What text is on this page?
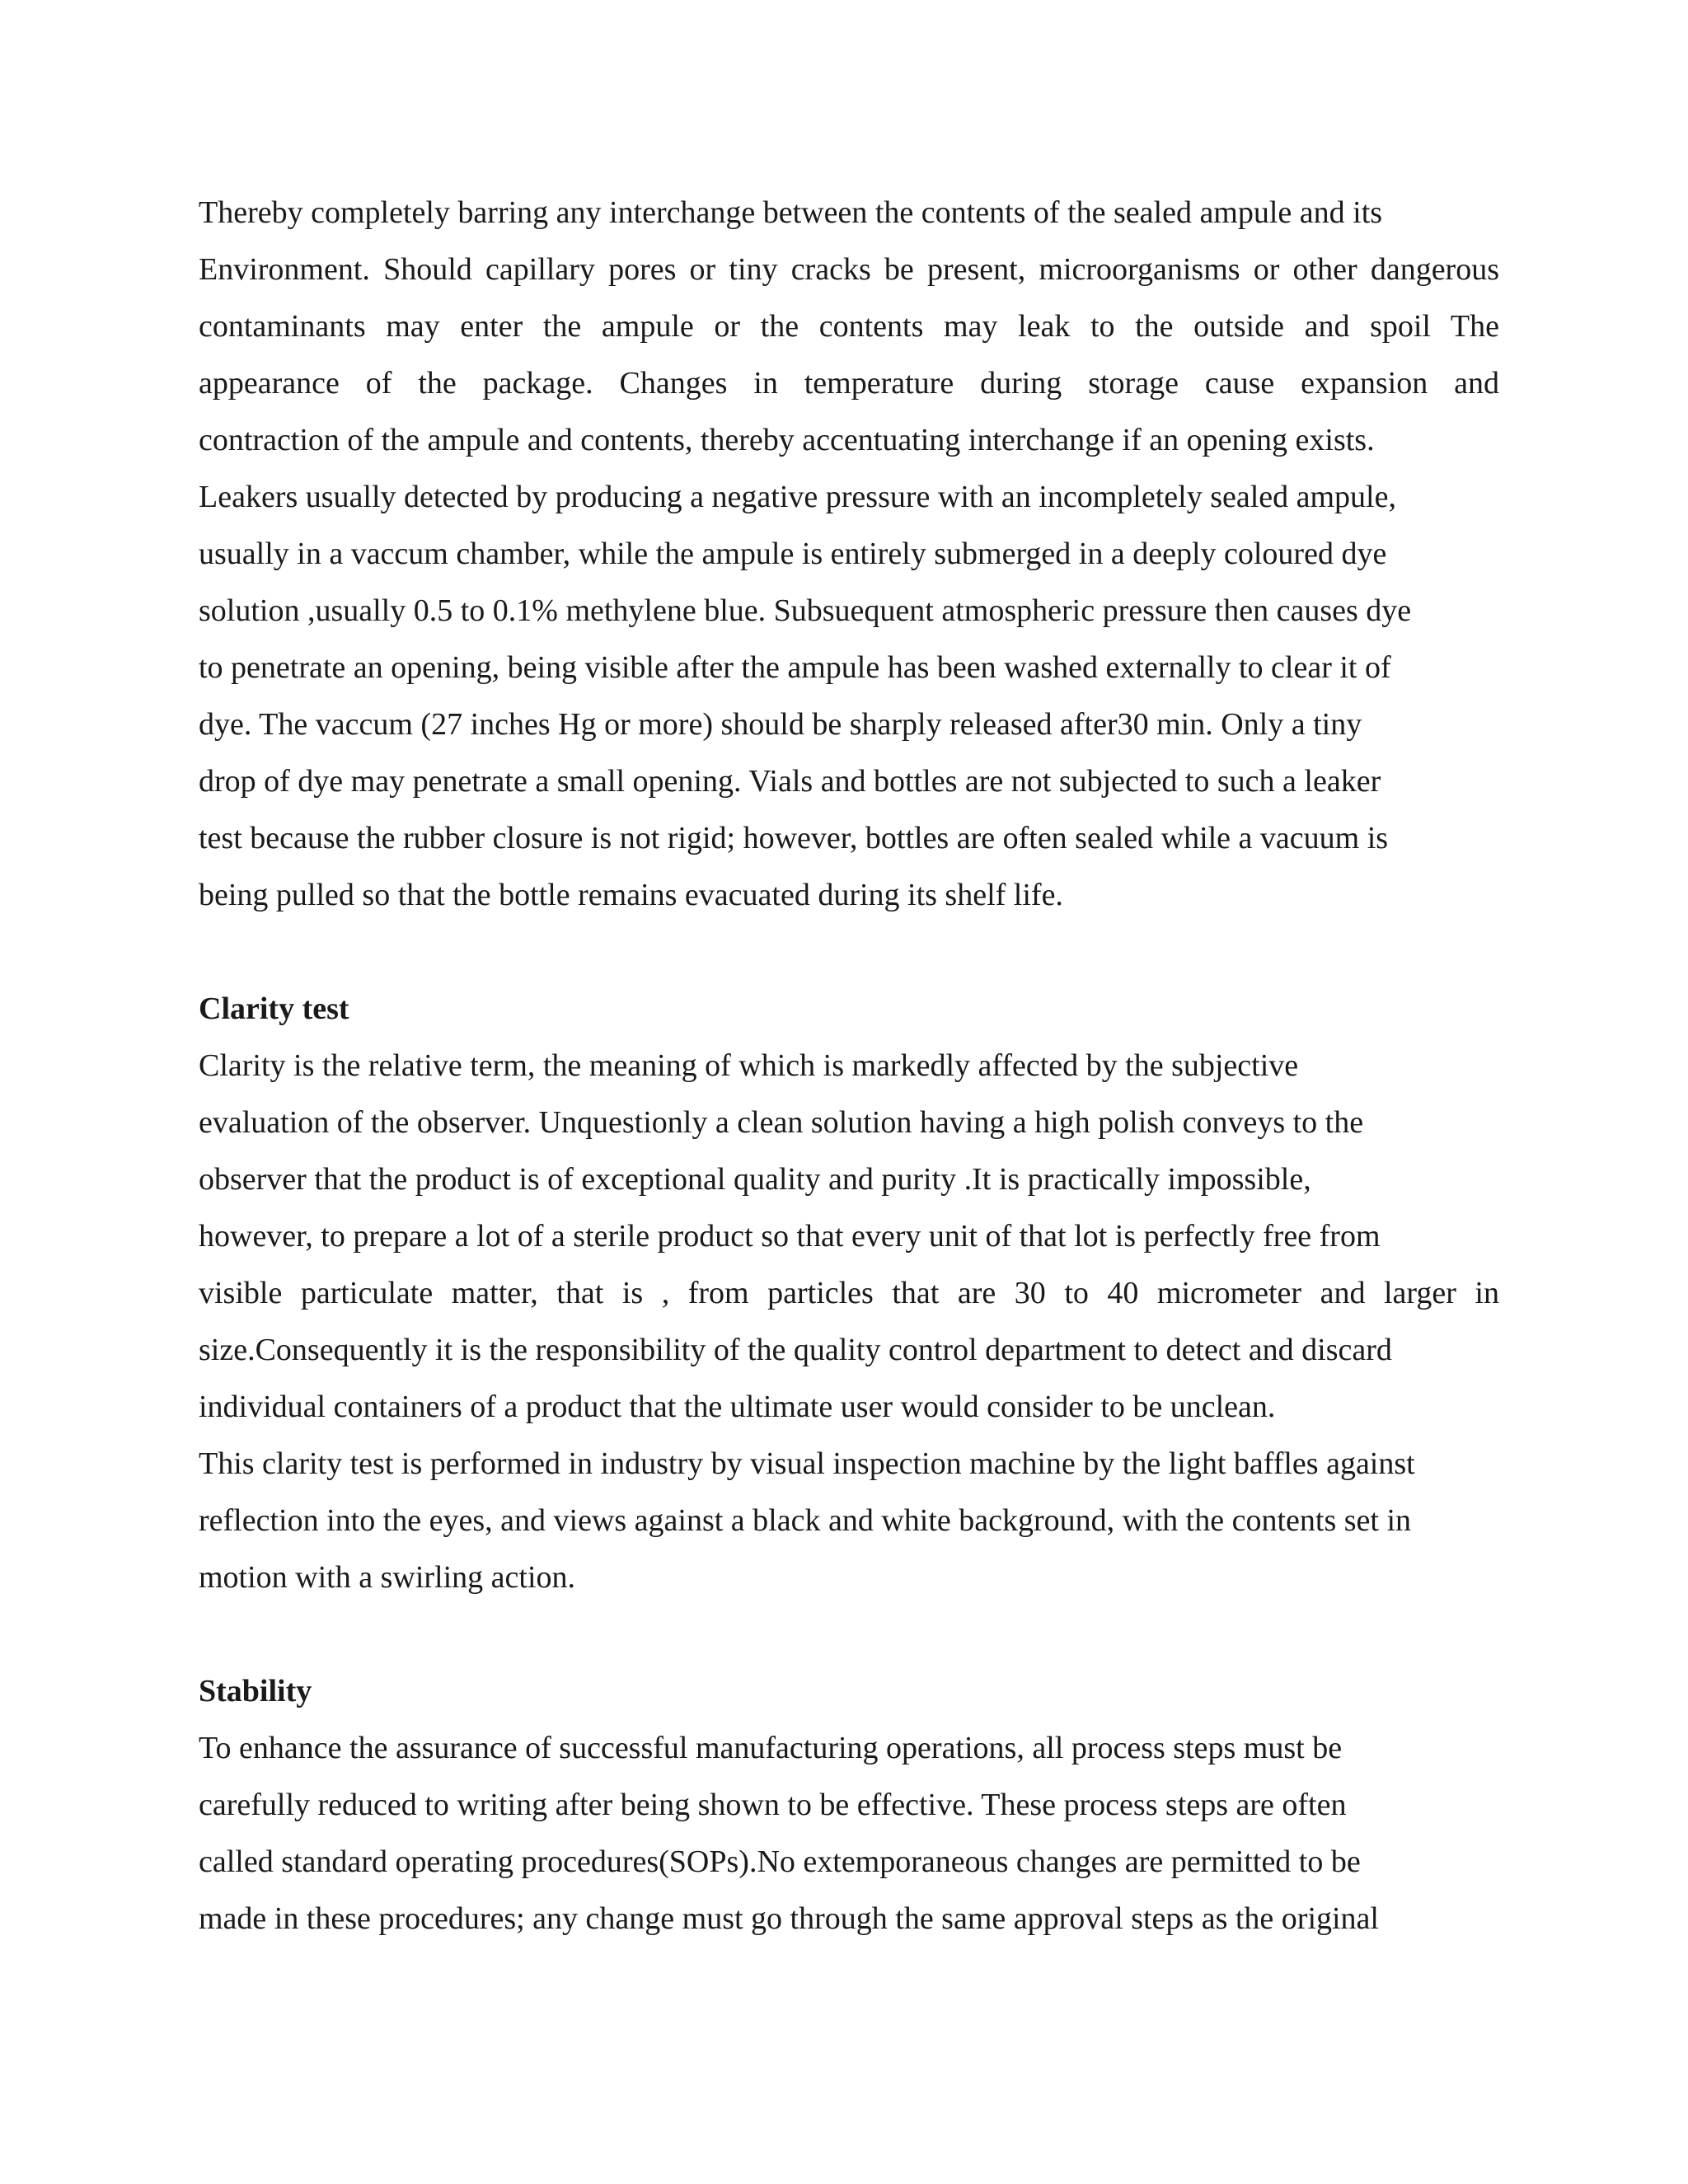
Thereby completely barring any interchange between the contents of the sealed ampule and its
Environment. Should capillary pores or tiny cracks be present, microorganisms or other dangerous
contaminants may enter the ampule or the contents may leak to the outside and spoil The
appearance of the package. Changes in temperature during storage cause expansion and
contraction of the ampule and contents, thereby accentuating interchange if an opening exists.
Leakers usually detected by producing a negative pressure with an incompletely sealed ampule,
usually in a vaccum chamber, while the ampule is entirely submerged in a deeply coloured dye
solution ,usually 0.5 to 0.1% methylene blue. Subsuequent atmospheric pressure then causes dye
to penetrate an opening, being visible after the ampule has been washed externally to clear it of
dye. The vaccum (27 inches Hg or more) should be sharply released after30 min. Only a tiny
drop of dye may penetrate a small opening. Vials and bottles are not subjected to such a leaker
test because the rubber closure is not rigid; however, bottles are often sealed while a vacuum is
being pulled so that the bottle remains evacuated during its shelf life.
Clarity test
Clarity is the relative term, the meaning of which is markedly affected by the subjective
evaluation of the observer. Unquestionly a clean solution having a high polish conveys to the
observer that the product is of exceptional quality and purity .It is practically impossible,
however, to prepare a lot of a sterile product so that every unit of that lot is perfectly free from
visible particulate matter, that is , from particles that are 30 to 40 micrometer and larger in
size.Consequently it is the responsibility of the quality control department to detect and discard
individual containers of a product that the ultimate user would consider to be unclean.
This clarity test is performed in industry by visual inspection machine by the light baffles against
reflection into the eyes, and views against a black and white background, with the contents set in
motion with a swirling action.
Stability
To enhance the assurance of successful manufacturing operations, all process steps must be
carefully reduced to writing after being shown to be effective. These process steps are often
called standard operating procedures(SOPs).No extemporaneous changes are permitted to be
made in these procedures; any change must go through the same approval steps as the original
